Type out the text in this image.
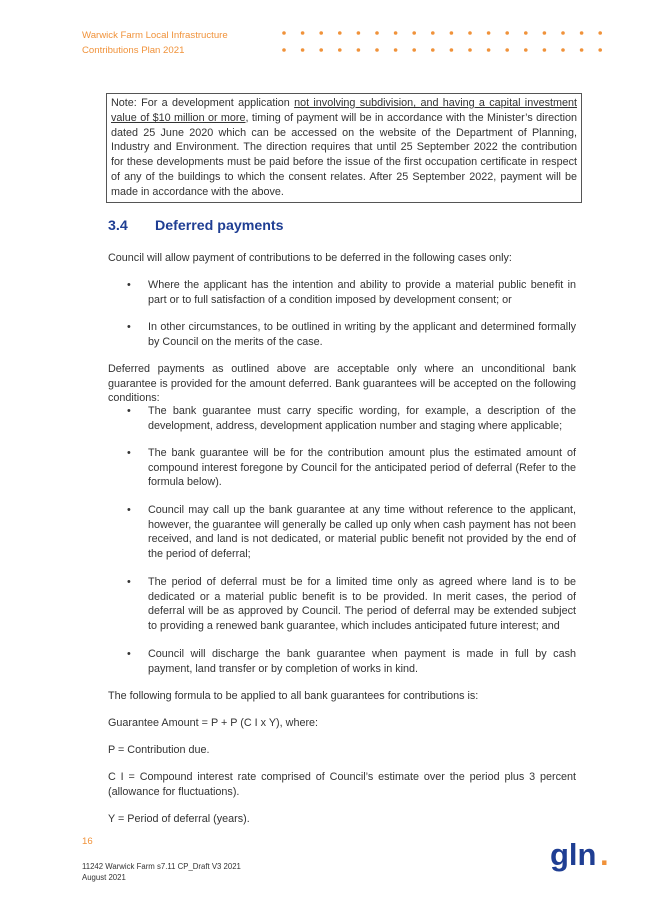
Warwick Farm Local Infrastructure
Contributions Plan 2021
Note: For a development application not involving subdivision, and having a capital investment value of $10 million or more, timing of payment will be in accordance with the Minister’s direction dated 25 June 2020 which can be accessed on the website of the Department of Planning, Industry and Environment. The direction requires that until 25 September 2022 the contribution for these developments must be paid before the issue of the first occupation certificate in respect of any of the buildings to which the consent relates. After 25 September 2022, payment will be made in accordance with the above.
3.4 Deferred payments
Council will allow payment of contributions to be deferred in the following cases only:
• Where the applicant has the intention and ability to provide a material public benefit in part or to full satisfaction of a condition imposed by development consent; or
• In other circumstances, to be outlined in writing by the applicant and determined formally by Council on the merits of the case.
Deferred payments as outlined above are acceptable only where an unconditional bank guarantee is provided for the amount deferred. Bank guarantees will be accepted on the following conditions:
• The bank guarantee must carry specific wording, for example, a description of the development, address, development application number and staging where applicable;
• The bank guarantee will be for the contribution amount plus the estimated amount of compound interest foregone by Council for the anticipated period of deferral (Refer to the formula below).
• Council may call up the bank guarantee at any time without reference to the applicant, however, the guarantee will generally be called up only when cash payment has not been received, and land is not dedicated, or material public benefit not provided by the end of the period of deferral;
• The period of deferral must be for a limited time only as agreed where land is to be dedicated or a material public benefit is to be provided. In merit cases, the period of deferral will be as approved by Council. The period of deferral may be extended subject to providing a renewed bank guarantee, which includes anticipated future interest; and
• Council will discharge the bank guarantee when payment is made in full by cash payment, land transfer or by completion of works in kind.
The following formula to be applied to all bank guarantees for contributions is:
Guarantee Amount = P + P (C I x Y), where:
P = Contribution due.
C I = Compound interest rate comprised of Council’s estimate over the period plus 3 percent (allowance for fluctuations).
Y = Period of deferral (years).
16
11242 Warwick Farm s7.11 CP_Draft V3 2021
August 2021
gln .
